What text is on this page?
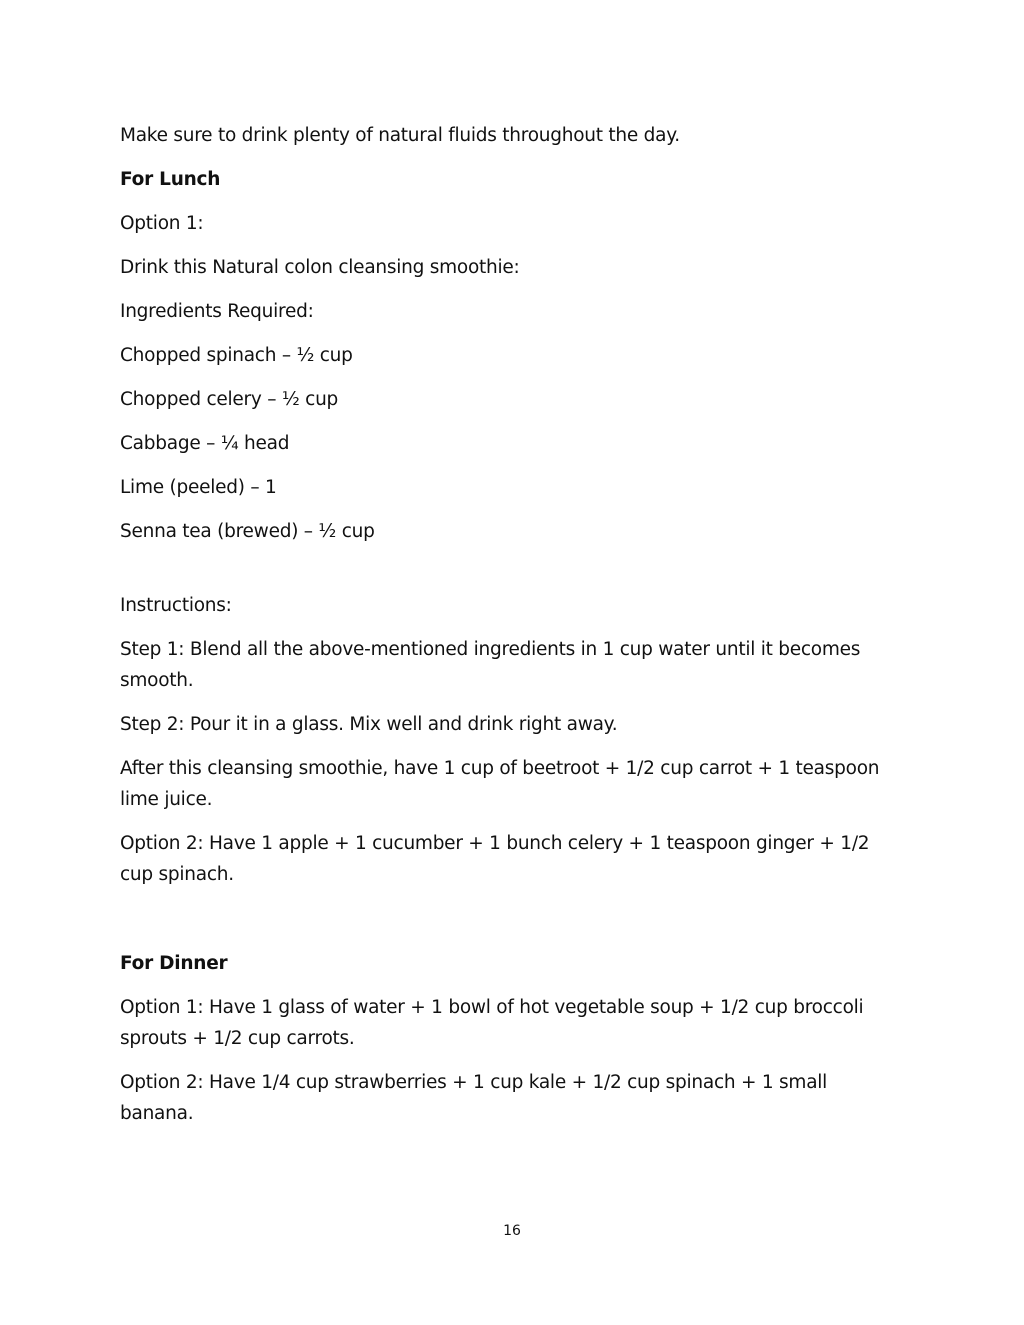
Make sure to drink plenty of natural fluids throughout the day.

For Lunch

Option 1:

Drink this Natural colon cleansing smoothie:

Ingredients Required:

Chopped spinach – ½ cup

Chopped celery – ½ cup

Cabbage – ¼ head

Lime (peeled) – 1

Senna tea (brewed) – ½ cup

Instructions:

Step 1: Blend all the above-mentioned ingredients in 1 cup water until it becomes smooth.

Step 2: Pour it in a glass. Mix well and drink right away.

After this cleansing smoothie, have 1 cup of beetroot + 1/2 cup carrot + 1 teaspoon lime juice.

Option 2: Have 1 apple + 1 cucumber + 1 bunch celery + 1 teaspoon ginger + 1/2 cup spinach.

For Dinner

Option 1: Have 1 glass of water + 1 bowl of hot vegetable soup + 1/2 cup broccoli sprouts + 1/2 cup carrots.

Option 2: Have 1/4 cup strawberries + 1 cup kale + 1/2 cup spinach + 1 small banana.

16
